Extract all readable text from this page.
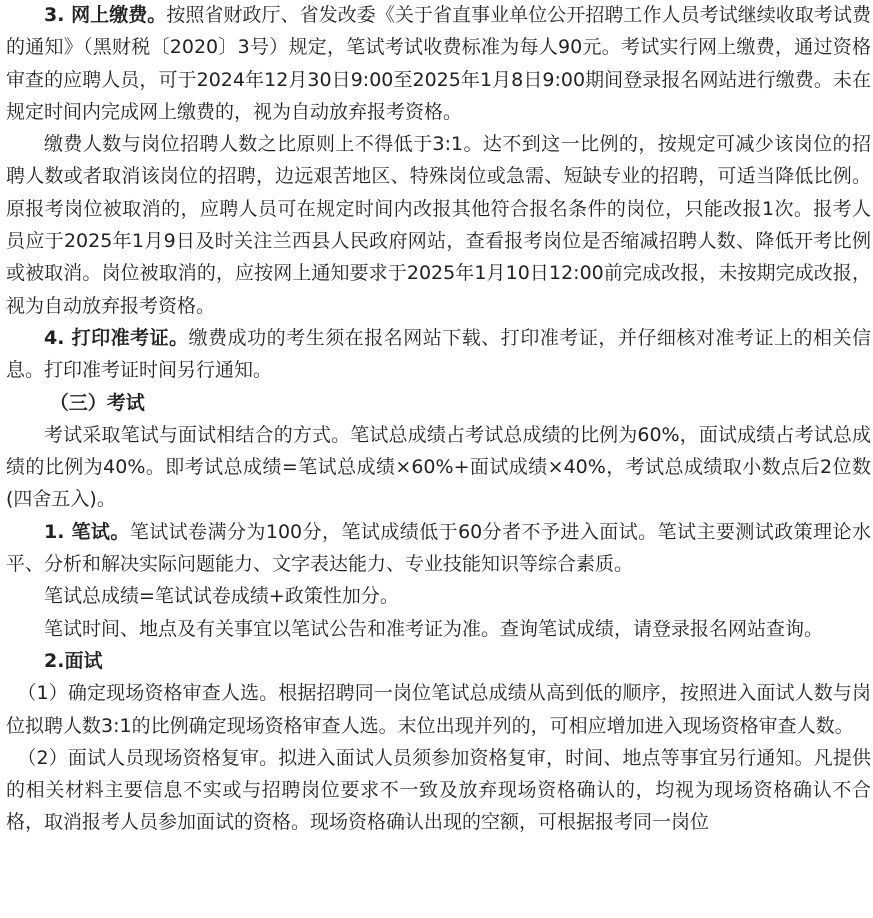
3. 网上缴费。按照省财政厅、省发改委《关于省直事业单位公开招聘工作人员考试继续收取考试费的通知》（黑财税〔2020〕3号）规定，笔试考试收费标准为每人90元。考试实行网上缴费，通过资格审查的应聘人员，可于2024年12月30日9:00至2025年1月8日9:00期间登录报名网站进行缴费。未在规定时间内完成网上缴费的，视为自动放弃报考资格。

缴费人数与岗位招聘人数之比原则上不得低于3:1。达不到这一比例的，按规定可减少该岗位的招聘人数或者取消该岗位的招聘，边远艰苦地区、特殊岗位或急需、短缺专业的招聘，可适当降低比例。原报考岗位被取消的，应聘人员可在规定时间内改报其他符合报名条件的岗位，只能改报1次。报考人员应于2025年1月9日及时关注兰西县人民政府网站，查看报考岗位是否缩减招聘人数、降低开考比例或被取消。岗位被取消的，应按网上通知要求于2025年1月10日12:00前完成改报，未按期完成改报，视为自动放弃报考资格。

4. 打印准考证。缴费成功的考生须在报名网站下载、打印准考证，并仔细核对准考证上的相关信息。打印准考证时间另行通知。

（三）考试

考试采取笔试与面试相结合的方式。笔试总成绩占考试总成绩的比例为60%，面试成绩占考试总成绩的比例为40%。即考试总成绩=笔试总成绩×60%+面试成绩×40%，考试总成绩取小数点后2位数(四舍五入)。

1. 笔试。笔试试卷满分为100分，笔试成绩低于60分者不予进入面试。笔试主要测试政策理论水平、分析和解决实际问题能力、文字表达能力、专业技能知识等综合素质。

笔试总成绩=笔试试卷成绩+政策性加分。

笔试时间、地点及有关事宜以笔试公告和准考证为准。查询笔试成绩，请登录报名网站查询。

2.面试

（1）确定现场资格审查人选。根据招聘同一岗位笔试总成绩从高到低的顺序，按照进入面试人数与岗位拟聘人数3:1的比例确定现场资格审查人选。末位出现并列的，可相应增加进入现场资格审查人数。

（2）面试人员现场资格复审。拟进入面试人员须参加资格复审，时间、地点等事宜另行通知。凡提供的相关材料主要信息不实或与招聘岗位要求不一致及放弃现场资格确认的，均视为现场资格确认不合格，取消报考人员参加面试的资格。现场资格确认出现的空额，可根据报考同一岗位
